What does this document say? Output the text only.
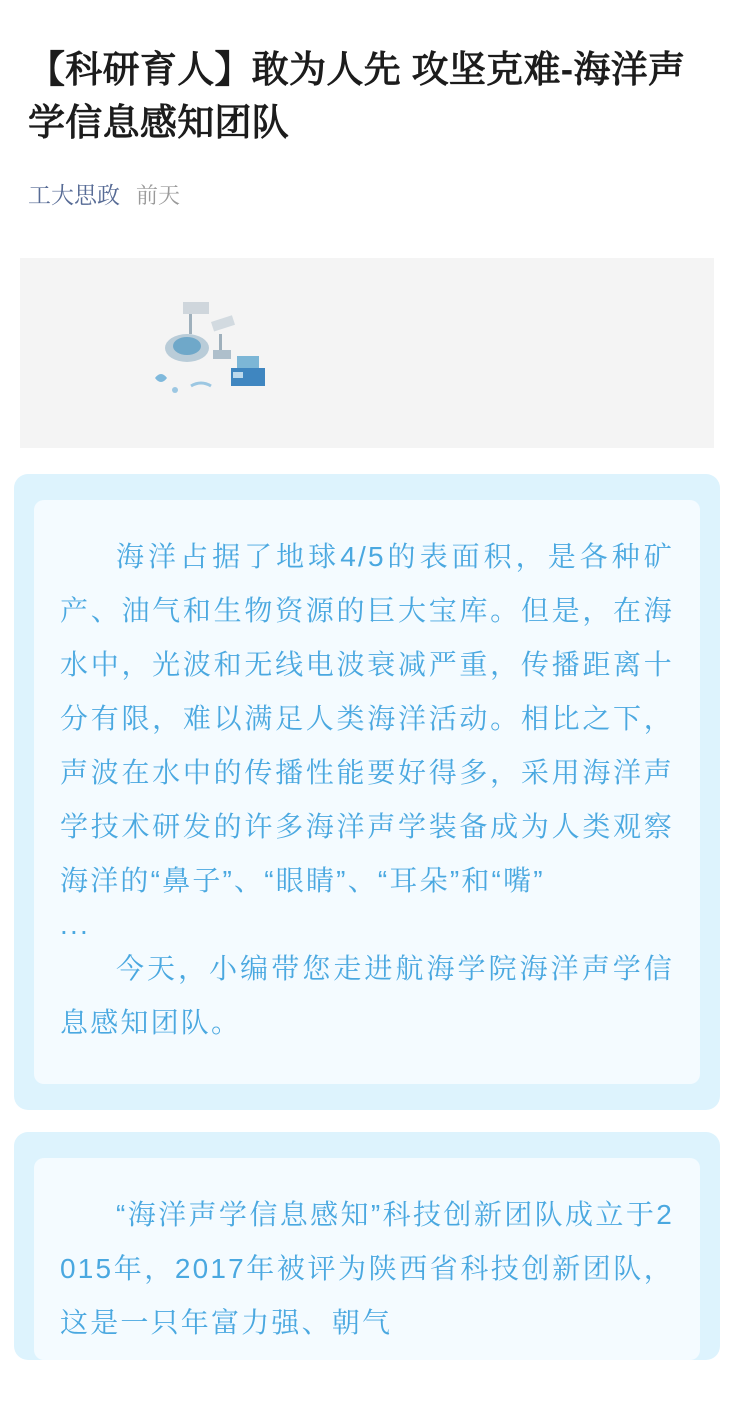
【科研育人】敢为人先 攻坚克难-海洋声学信息感知团队
工大思政 前天

海洋占据了地球4/5的表面积，是各种矿产、油气和生物资源的巨大宝库。但是，在海水中，光波和无线电波衰减严重，传播距离十分有限，难以满足人类海洋活动。相比之下，声波在水中的传播性能要好得多，采用海洋声学技术研发的许多海洋声学装备成为人类观察海洋的“鼻子”、“眼睛”、“耳朵”和“嘴”

...

今天，小编带您走进航海学院海洋声学信息感知团队。

“海洋声学信息感知”科技创新团队成立于2015年，2017年被评为陕西省科技创新团队，这是一只年富力强、朝气
